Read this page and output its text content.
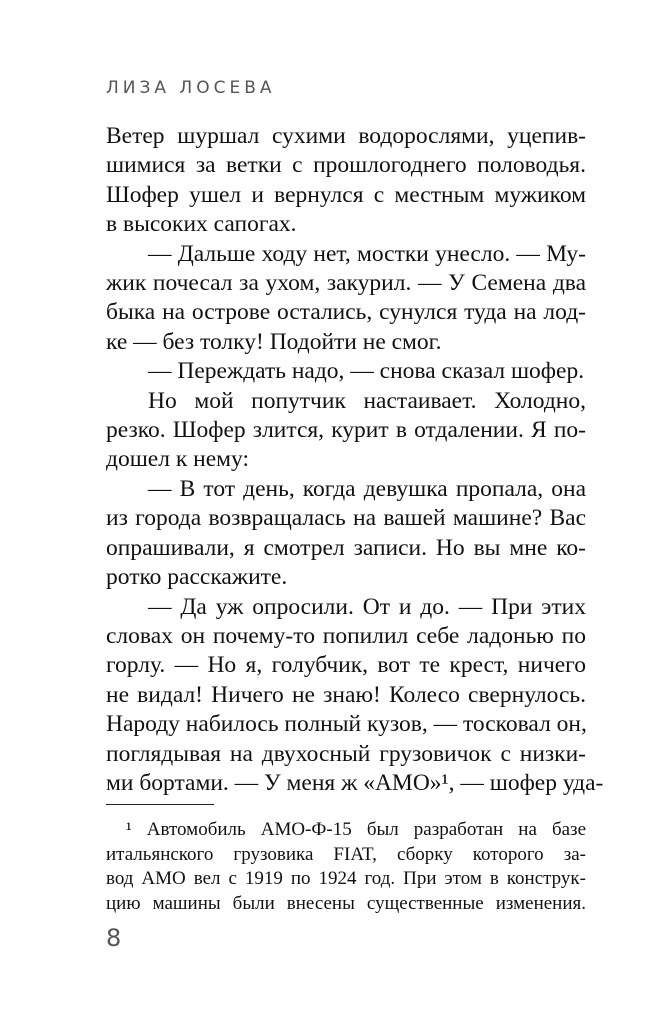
ЛИЗА ЛОСЕВА
Ветер шуршал сухими водорослями, уцепив-
шимися за ветки с прошлогоднего половодья.
Шофер ушел и вернулся с местным мужиком
в высоких сапогах.
— Дальше ходу нет, мостки унесло. — Му-
жик почесал за ухом, закурил. — У Семена два
быка на острове остались, сунулся туда на лод-
ке — без толку! Подойти не смог.
— Переждать надо, — снова сказал шофер.
Но мой попутчик настаивает. Холодно,
резко. Шофер злится, курит в отдалении. Я по-
дошел к нему:
— В тот день, когда девушка пропала, она
из города возвращалась на вашей машине? Вас
опрашивали, я смотрел записи. Но вы мне ко-
ротко расскажите.
— Да уж опросили. От и до. — При этих
словах он почему-то попилил себе ладонью по
горлу. — Но я, голубчик, вот те крест, ничего
не видал! Ничего не знаю! Колесо свернулось.
Народу набилось полный кузов, — тосковал он,
поглядывая на двухосный грузовичок с низки-
ми бортами. — У меня ж «АМО»¹, — шофер уда-
¹ Автомобиль АМО-Ф-15 был разработан на базе
итальянского грузовика FIAT, сборку которого за-
вод АМО вел с 1919 по 1924 год. При этом в конструк-
цию машины были внесены существенные изменения.
8
